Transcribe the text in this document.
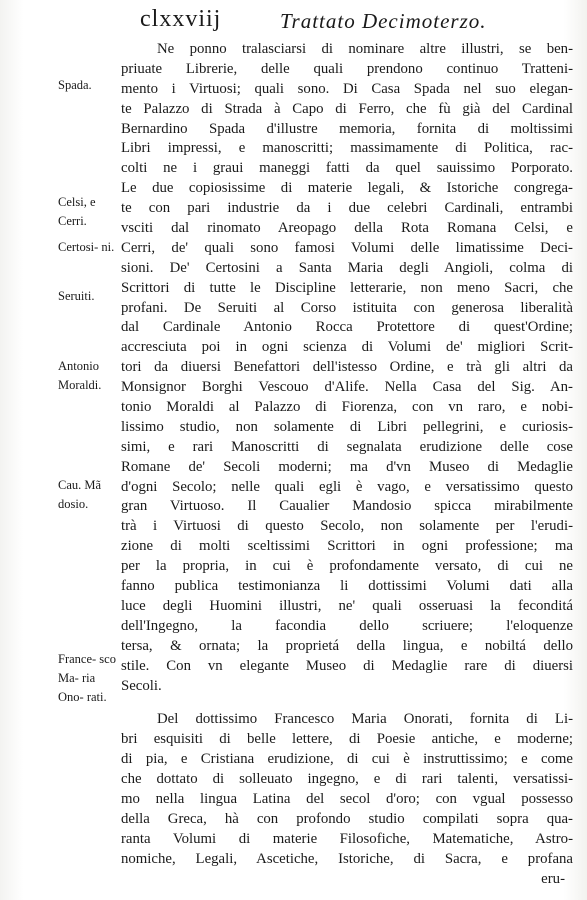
clxxviij	Trattato Decimoterzo.
Spada.
Celsi, e Cerri.
Certosi- ni.
Seruiti.
Antonio Moraldi.
Cau. Mã dosio.
France- sco Ma- ria Ono- rati.
Ne ponno tralasciarsi di nominare altre illustri, se ben-
priuate Librerie, delle quali prendono continuo Tratteni-
mento i Virtuosi; quali sono. Di Casa Spada nel suo elegan-
te Palazzo di Strada à Capo di Ferro, che fù già del Cardinal
Bernardino Spada d'illustre memoria, fornita di moltissimi
Libri impressi, e manoscritti; massimamente di Politica, rac-
colti ne i graui maneggi fatti da quel sauissimo Porporato.
Le due copiosissime di materie legali, & Istoriche congrega-
te con pari industrie da i due celebri Cardinali, entrambi
vsciti dal rinomato Areopago della Rota Romana Celsi, e
Cerri, de' quali sono famosi Volumi delle limatissime Deci-
sioni. De' Certosini a Santa Maria degli Angioli, colma di
Scrittori di tutte le Discipline letterarie, non meno Sacri, che
profani. De Seruiti al Corso istituita con generosa liberalità
dal Cardinale Antonio Rocca Protettore di quest'Ordine;
accresciuta poi in ogni scienza di Volumi de' migliori Scrit-
tori da diuersi Benefattori dell'istesso Ordine, e trà gli altri da
Monsignor Borghi Vescouo d'Alife. Nella Casa del Sig. An-
tonio Moraldi al Palazzo di Fiorenza, con vn raro, e nobi-
lissimo studio, non solamente di Libri pellegrini, e curiosis-
simi, e rari Manoscritti di segnalata erudizione delle cose
Romane de' Secoli moderni; ma d'vn Museo di Medaglie
d'ogni Secolo; nelle quali egli è vago, e versatissimo questo
gran Virtuoso. Il Caualier Mandosio spicca mirabilmente
trà i Virtuosi di questo Secolo, non solamente per l'erudi-
zione di molti sceltissimi Scrittori in ogni professione; ma
per la propria, in cui è profondamente versato, di cui ne
fanno publica testimonianza li dottissimi Volumi dati alla
luce degli Huomini illustri, ne' quali osseruasi la feconditá
dell'Ingegno, la facondia dello scriuere; l'eloquenze
tersa, & ornata; la proprietá della lingua, e nobiltá dello
stile. Con vn elegante Museo di Medaglie rare di diuersi
Secoli.
Del dottissimo Francesco Maria Onorati, fornita di Li-
bri esquisiti di belle lettere, di Poesie antiche, e moderne;
di pia, e Cristiana erudizione, di cui è instruttissimo; e come
che dottato di solleuato ingegno, e di rari talenti, versatissi-
mo nella lingua Latina del secol d'oro; con vgual possesso
della Greca, hà con profondo studio compilati sopra qua-
ranta Volumi di materie Filosofiche, Matematiche, Astro-
nomiche, Legali, Ascetiche, Istoriche, di Sacra, e profana
eru-
